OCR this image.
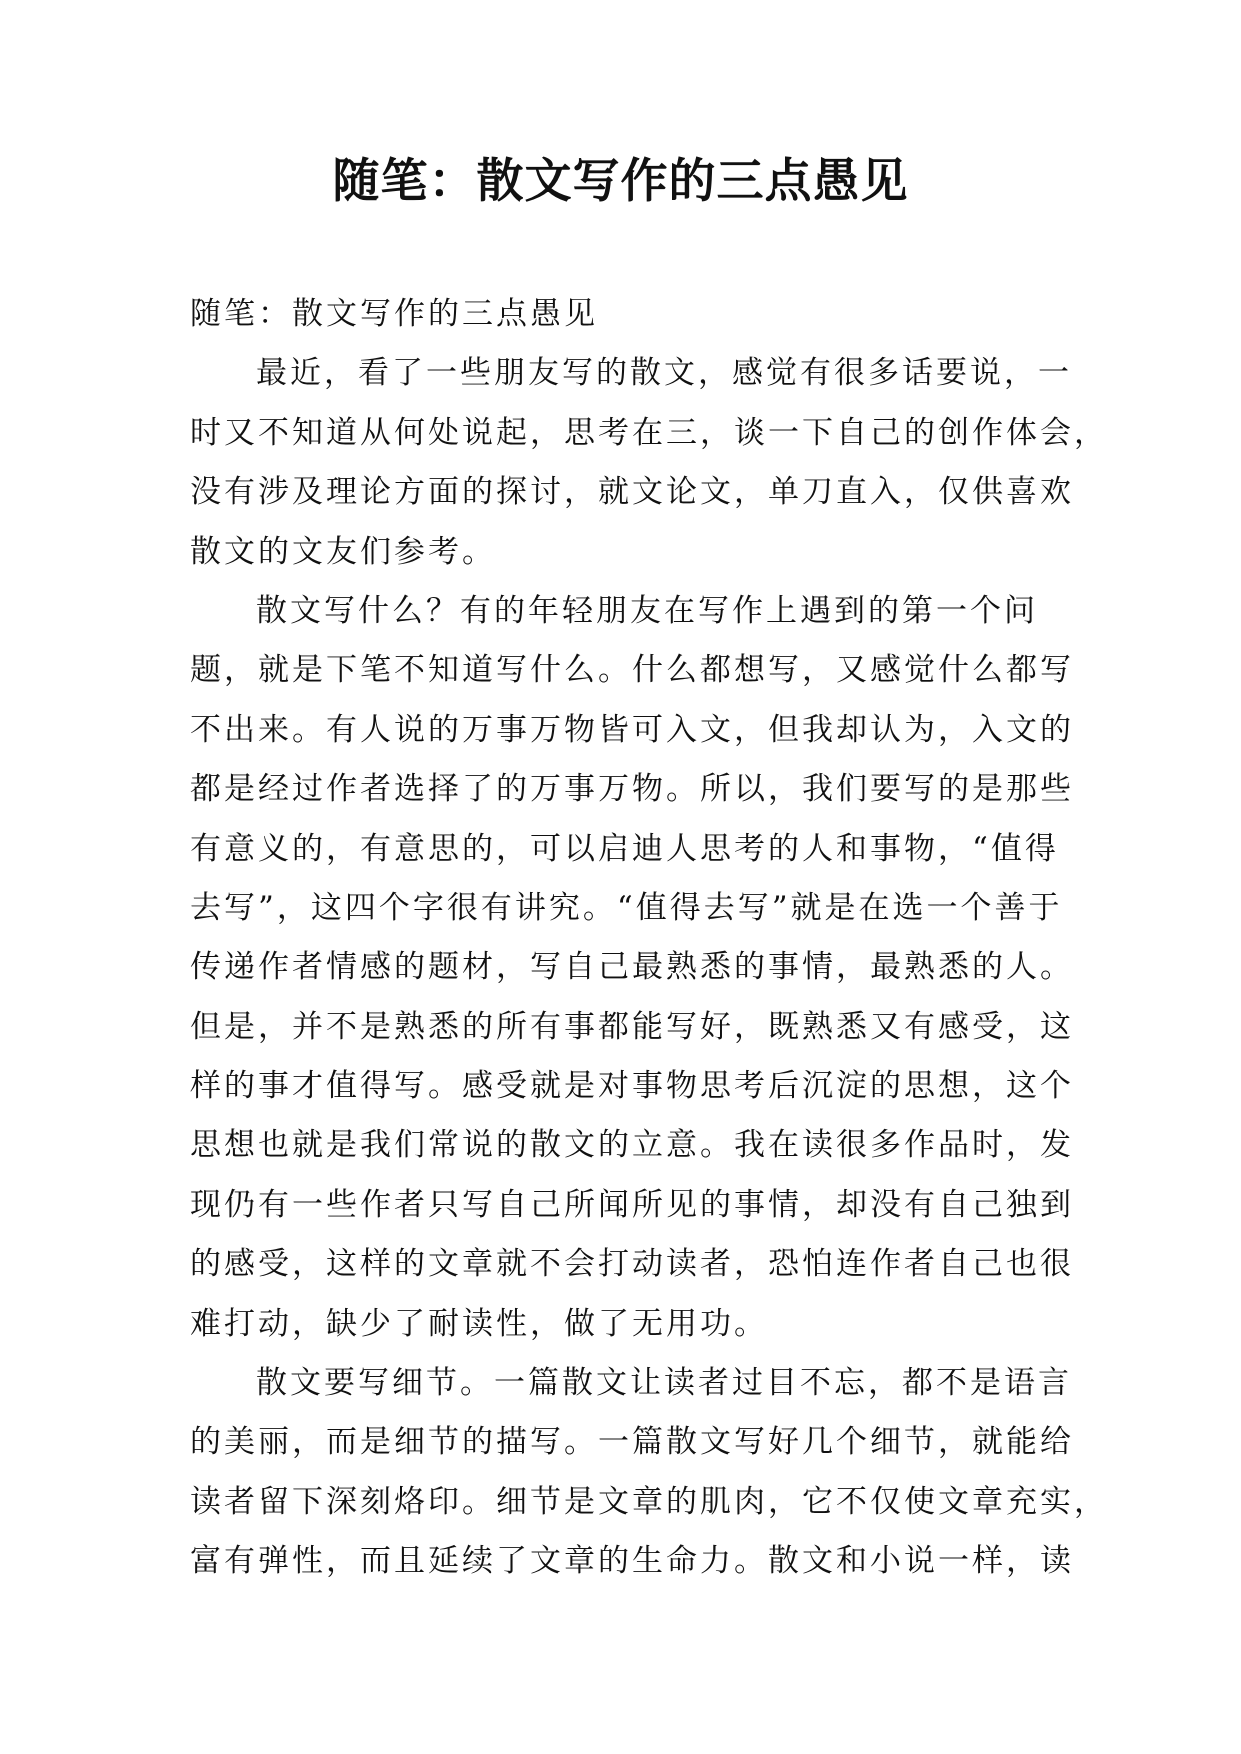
随笔：散文写作的三点愚见
随笔：散文写作的三点愚见
最近，看了一些朋友写的散文，感觉有很多话要说，一
时又不知道从何处说起，思考在三，谈一下自己的创作体会，
没有涉及理论方面的探讨，就文论文，单刀直入，仅供喜欢
散文的文友们参考。
散文写什么？有的年轻朋友在写作上遇到的第一个问
题，就是下笔不知道写什么。什么都想写，又感觉什么都写
不出来。有人说的万事万物皆可入文，但我却认为，入文的
都是经过作者选择了的万事万物。所以，我们要写的是那些
有意义的，有意思的，可以启迪人思考的人和事物，“值得
去写”，这四个字很有讲究。“值得去写”就是在选一个善于
传递作者情感的题材，写自己最熟悉的事情，最熟悉的人。
但是，并不是熟悉的所有事都能写好，既熟悉又有感受，这
样的事才值得写。感受就是对事物思考后沉淀的思想，这个
思想也就是我们常说的散文的立意。我在读很多作品时，发
现仍有一些作者只写自己所闻所见的事情，却没有自己独到
的感受，这样的文章就不会打动读者，恐怕连作者自己也很
难打动，缺少了耐读性，做了无用功。
散文要写细节。一篇散文让读者过目不忘，都不是语言
的美丽，而是细节的描写。一篇散文写好几个细节，就能给
读者留下深刻烙印。细节是文章的肌肉，它不仅使文章充实，
富有弹性，而且延续了文章的生命力。散文和小说一样，读
